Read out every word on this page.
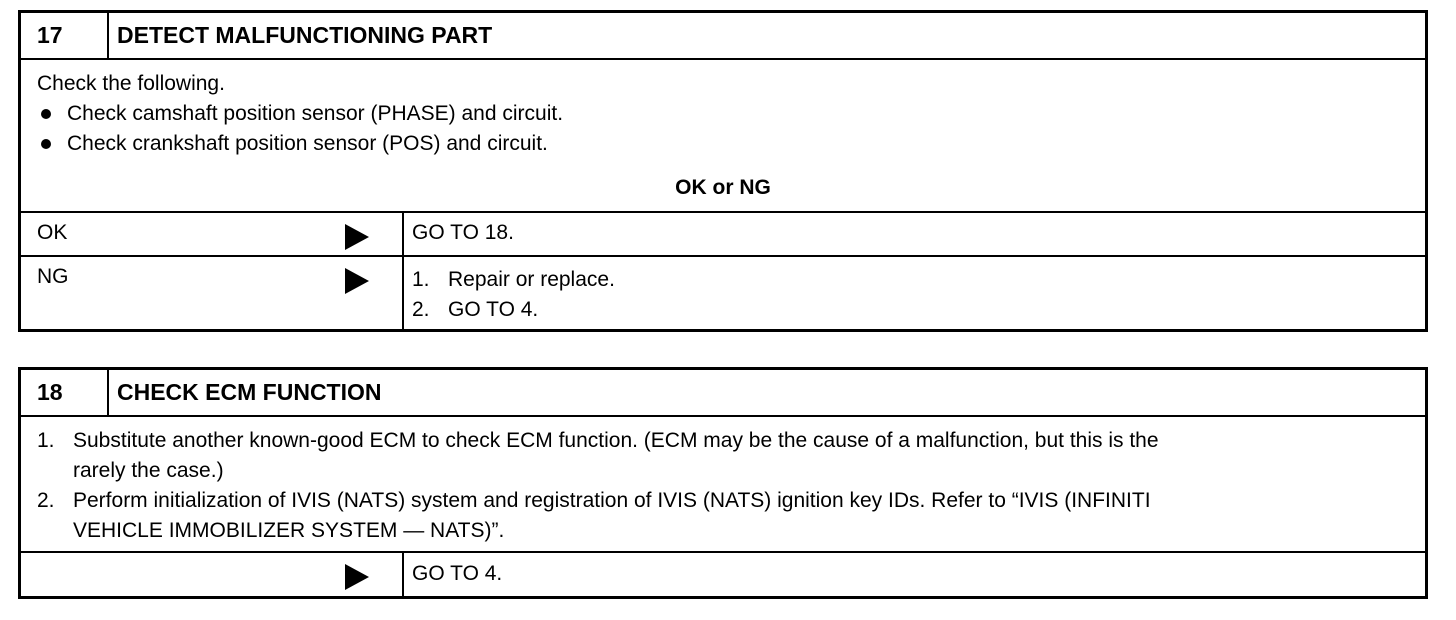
17	DETECT MALFUNCTIONING PART
Check the following.
Check camshaft position sensor (PHASE) and circuit.
Check crankshaft position sensor (POS) and circuit.
OK or NG
OK	GO TO 18.
NG	1. Repair or replace.
2. GO TO 4.
18	CHECK ECM FUNCTION
1. Substitute another known-good ECM to check ECM function. (ECM may be the cause of a malfunction, but this is the
rarely the case.)
2. Perform initialization of IVIS (NATS) system and registration of IVIS (NATS) ignition key IDs. Refer to “IVIS (INFINITI
VEHICLE IMMOBILIZER SYSTEM — NATS)”.
GO TO 4.
